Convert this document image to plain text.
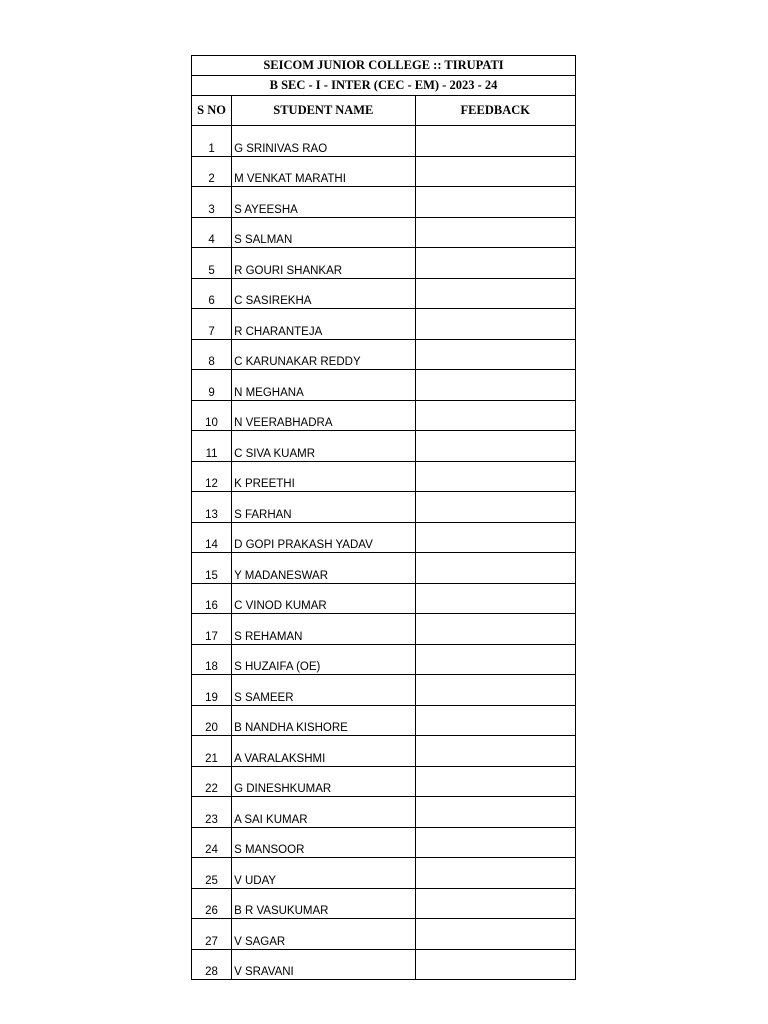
SEICOM JUNIOR COLLEGE :: TIRUPATI		
B SEC - I - INTER (CEC - EM) - 2023 - 24		
S NO	STUDENT NAME	FEEDBACK
1	G SRINIVAS RAO	
2	M VENKAT MARATHI	
3	S AYEESHA	
4	S SALMAN	
5	R GOURI SHANKAR	
6	C SASIREKHA	
7	R CHARANTEJA	
8	C KARUNAKAR REDDY	
9	N MEGHANA	
10	N VEERABHADRA	
11	C SIVA KUAMR	
12	K PREETHI	
13	S FARHAN	
14	D GOPI PRAKASH YADAV	
15	Y MADANESWAR	
16	C VINOD KUMAR	
17	S REHAMAN	
18	S HUZAIFA (OE)	
19	S SAMEER	
20	B NANDHA KISHORE	
21	A VARALAKSHMI	
22	G DINESHKUMAR	
23	A SAI KUMAR	
24	S MANSOOR	
25	V UDAY	
26	B R VASUKUMAR	
27	V SAGAR	
28	V SRAVANI	
